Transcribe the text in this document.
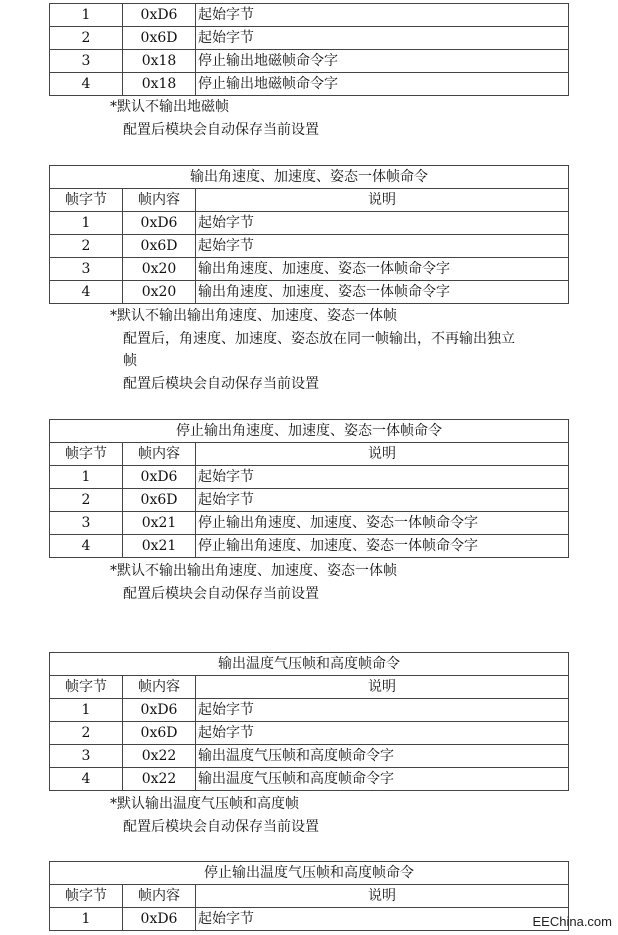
1	0xD6	起始字节
2	0x6D	起始字节
3	0x18	停止输出地磁帧命令字
4	0x18	停止输出地磁帧命令字

*默认不输出地磁帧

配置后模块会自动保存当前设置

输出角速度、加速度、姿态一体帧命令		
帧字节	帧内容	说明
1	0xD6	起始字节
2	0x6D	起始字节
3	0x20	输出角速度、加速度、姿态一体帧命令字
4	0x20	输出角速度、加速度、姿态一体帧命令字

*默认不输出输出角速度、加速度、姿态一体帧

配置后，角速度、加速度、姿态放在同一帧输出，不再输出独立

帧

配置后模块会自动保存当前设置

停止输出角速度、加速度、姿态一体帧命令		
帧字节	帧内容	说明
1	0xD6	起始字节
2	0x6D	起始字节
3	0x21	停止输出角速度、加速度、姿态一体帧命令字
4	0x21	停止输出角速度、加速度、姿态一体帧命令字

*默认不输出输出角速度、加速度、姿态一体帧

配置后模块会自动保存当前设置

输出温度气压帧和高度帧命令		
帧字节	帧内容	说明
1	0xD6	起始字节
2	0x6D	起始字节
3	0x22	输出温度气压帧和高度帧命令字
4	0x22	输出温度气压帧和高度帧命令字

*默认输出温度气压帧和高度帧

配置后模块会自动保存当前设置

停止输出温度气压帧和高度帧命令		
帧字节	帧内容	说明
1	0xD6	起始字节	EEChina.com
